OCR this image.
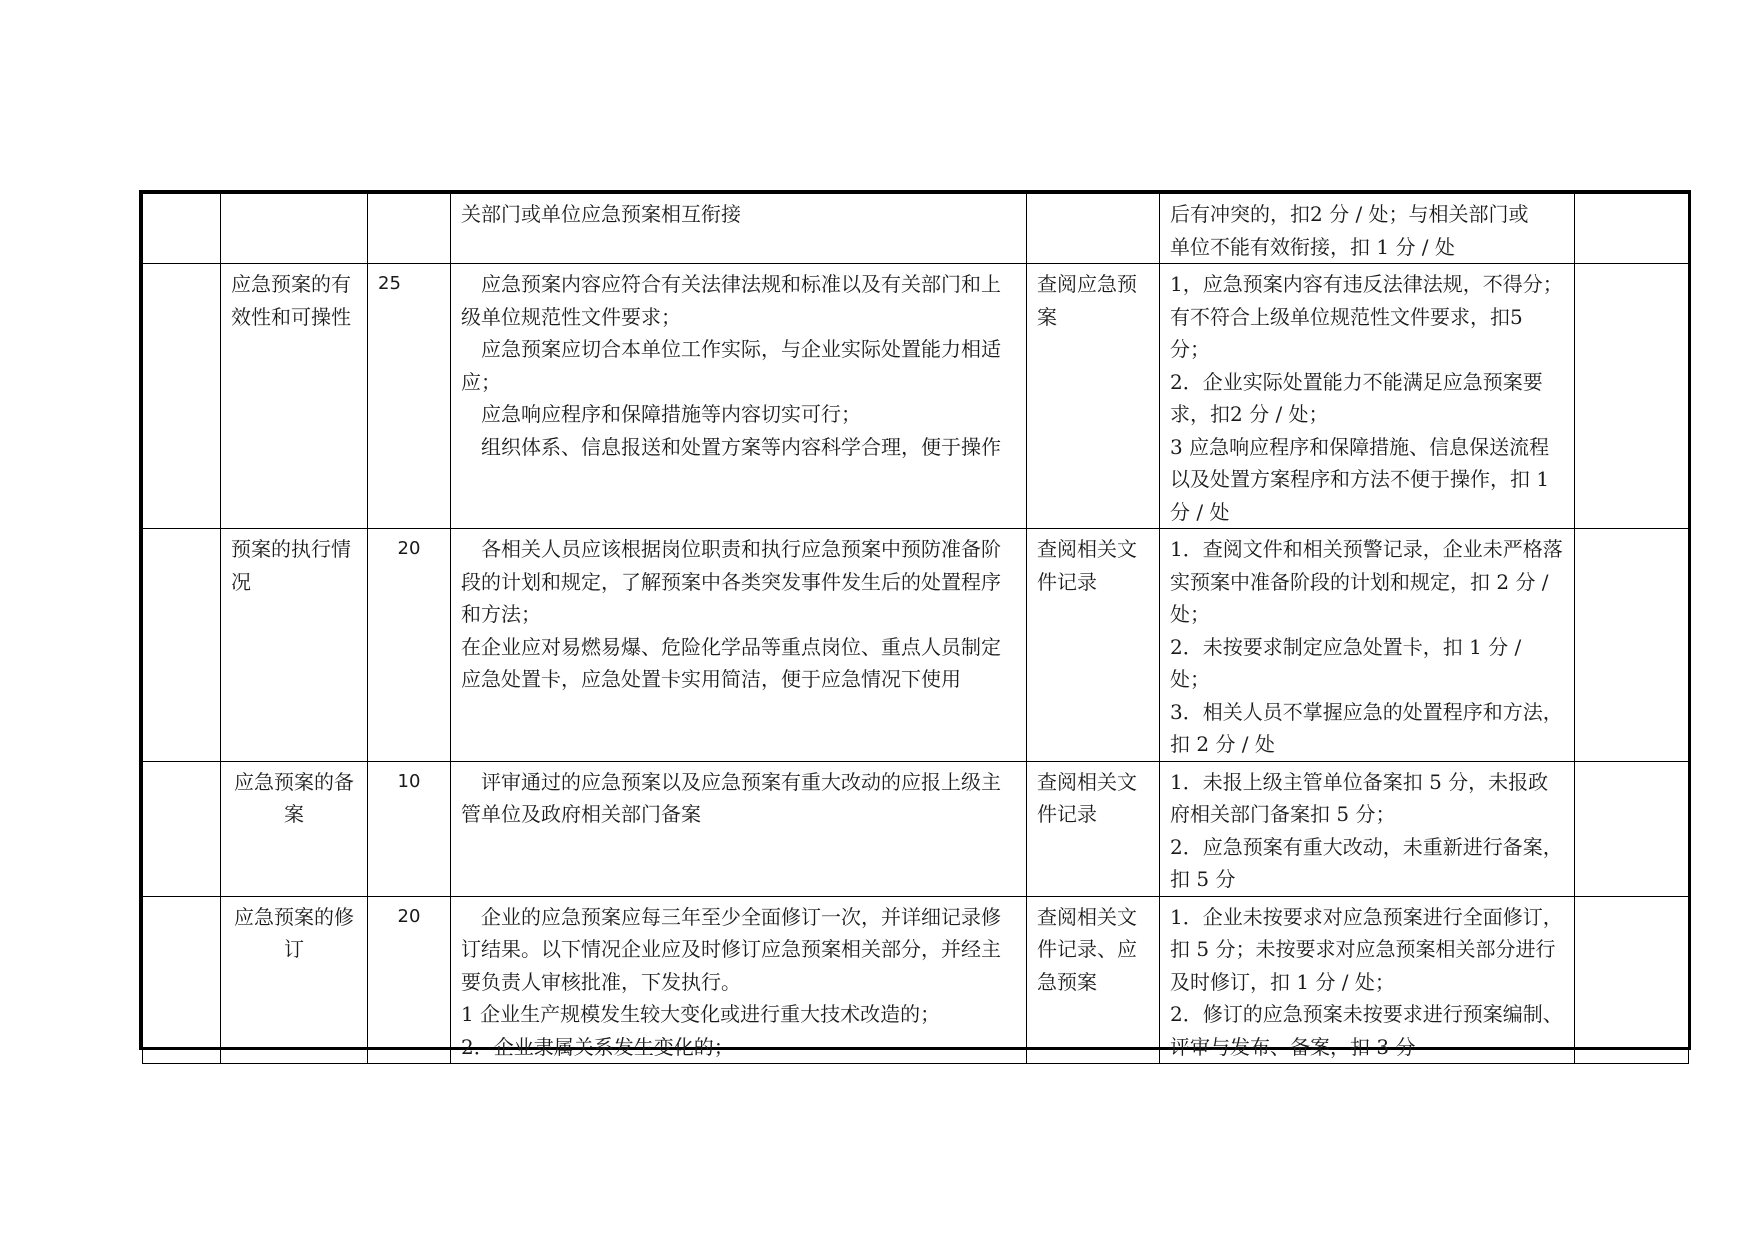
			关部门或单位应急预案相互衔接		后有冲突的，扣2 分 / 处；与相关部门或
单位不能有效衔接，扣 1 分 / 处	

	应急预案的有效性和可操性	25	应急预案内容应符合有关法律法规和标准以及有关部门和上级单位规范性文件要求；
应急预案应切合本单位工作实际，与企业实际处置能力相适应；
应急响应程序和保障措施等内容切实可行；
组织体系、信息报送和处置方案等内容科学合理，便于操作	查阅应急预案	1，应急预案内容有违反法律法规，不得分；有不符合上级单位规范性文件要求，扣5 分；
2．企业实际处置能力不能满足应急预案要求，扣2 分 / 处；
3 应急响应程序和保障措施、信息保送流程以及处置方案程序和方法不便于操作，扣 1 分 / 处	

	预案的执行情况	20	各相关人员应该根据岗位职责和执行应急预案中预防准备阶段的计划和规定，了解预案中各类突发事件发生后的处置程序和方法；
在企业应对易燃易爆、危险化学品等重点岗位、重点人员制定应急处置卡，应急处置卡实用简洁，便于应急情况下使用	查阅相关文件记录	1．查阅文件和相关预警记录，企业未严格落实预案中准备阶段的计划和规定，扣 2 分 / 处；
2．未按要求制定应急处置卡，扣 1 分 / 处；
3．相关人员不掌握应急的处置程序和方法，扣 2 分 / 处	

	应急预案的备案	10	评审通过的应急预案以及应急预案有重大改动的应报上级主管单位及政府相关部门备案	查阅相关文件记录	1．未报上级主管单位备案扣 5 分，未报政府相关部门备案扣 5 分；
2．应急预案有重大改动，未重新进行备案，扣 5 分	

	应急预案的修订	20	企业的应急预案应每三年至少全面修订一次，并详细记录修订结果。以下情况企业应及时修订应急预案相关部分，并经主要负责人审核批准，下发执行。
1 企业生产规模发生较大变化或进行重大技术改造的；
2．企业隶属关系发生变化的；	查阅相关文件记录、应急预案	1．企业未按要求对应急预案进行全面修订，扣 5 分；未按要求对应急预案相关部分进行及时修订，扣 1 分 / 处；
2．修订的应急预案未按要求进行预案编制、评审与发布、备案，扣 3 分	
